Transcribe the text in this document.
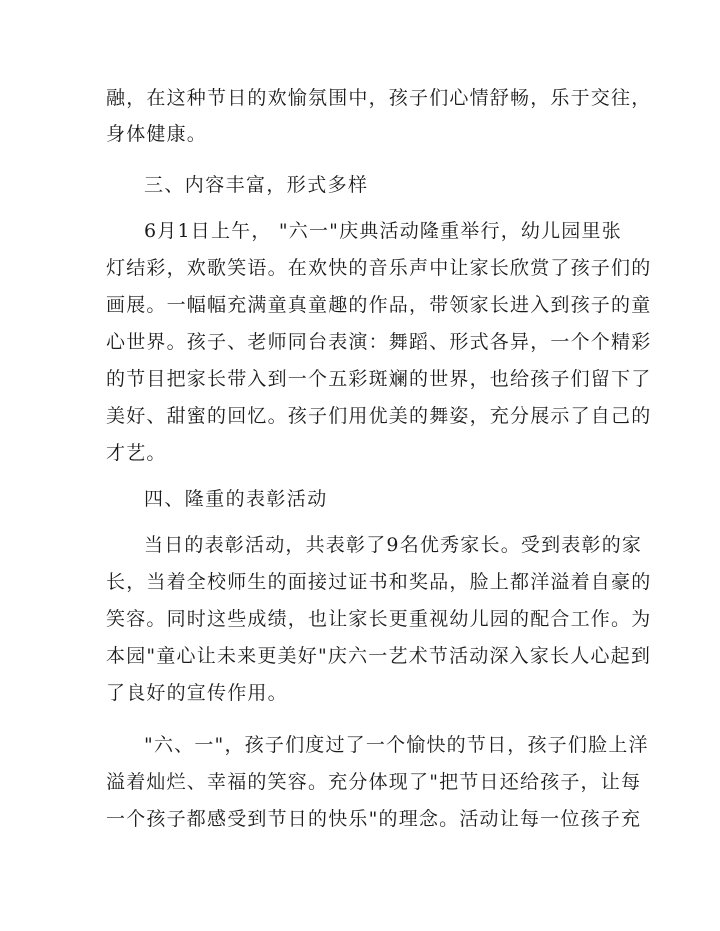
融，在这种节日的欢愉氛围中，孩子们心情舒畅，乐于交往，
身体健康。
三、内容丰富，形式多样
6月1日上午， "六一"庆典活动隆重举行，幼儿园里张
灯结彩，欢歌笑语。在欢快的音乐声中让家长欣赏了孩子们的
画展。一幅幅充满童真童趣的作品，带领家长进入到孩子的童
心世界。孩子、老师同台表演：舞蹈、形式各异，一个个精彩
的节目把家长带入到一个五彩斑斓的世界，也给孩子们留下了
美好、甜蜜的回忆。孩子们用优美的舞姿，充分展示了自己的
才艺。
四、隆重的表彰活动
当日的表彰活动，共表彰了9名优秀家长。受到表彰的家
长，当着全校师生的面接过证书和奖品，脸上都洋溢着自豪的
笑容。同时这些成绩，也让家长更重视幼儿园的配合工作。为
本园"童心让未来更美好"庆六一艺术节活动深入家长人心起到
了良好的宣传作用。
"六、一"，孩子们度过了一个愉快的节日，孩子们脸上洋
溢着灿烂、幸福的笑容。充分体现了"把节日还给孩子，让每
一个孩子都感受到节日的快乐"的理念。活动让每一位孩子充
